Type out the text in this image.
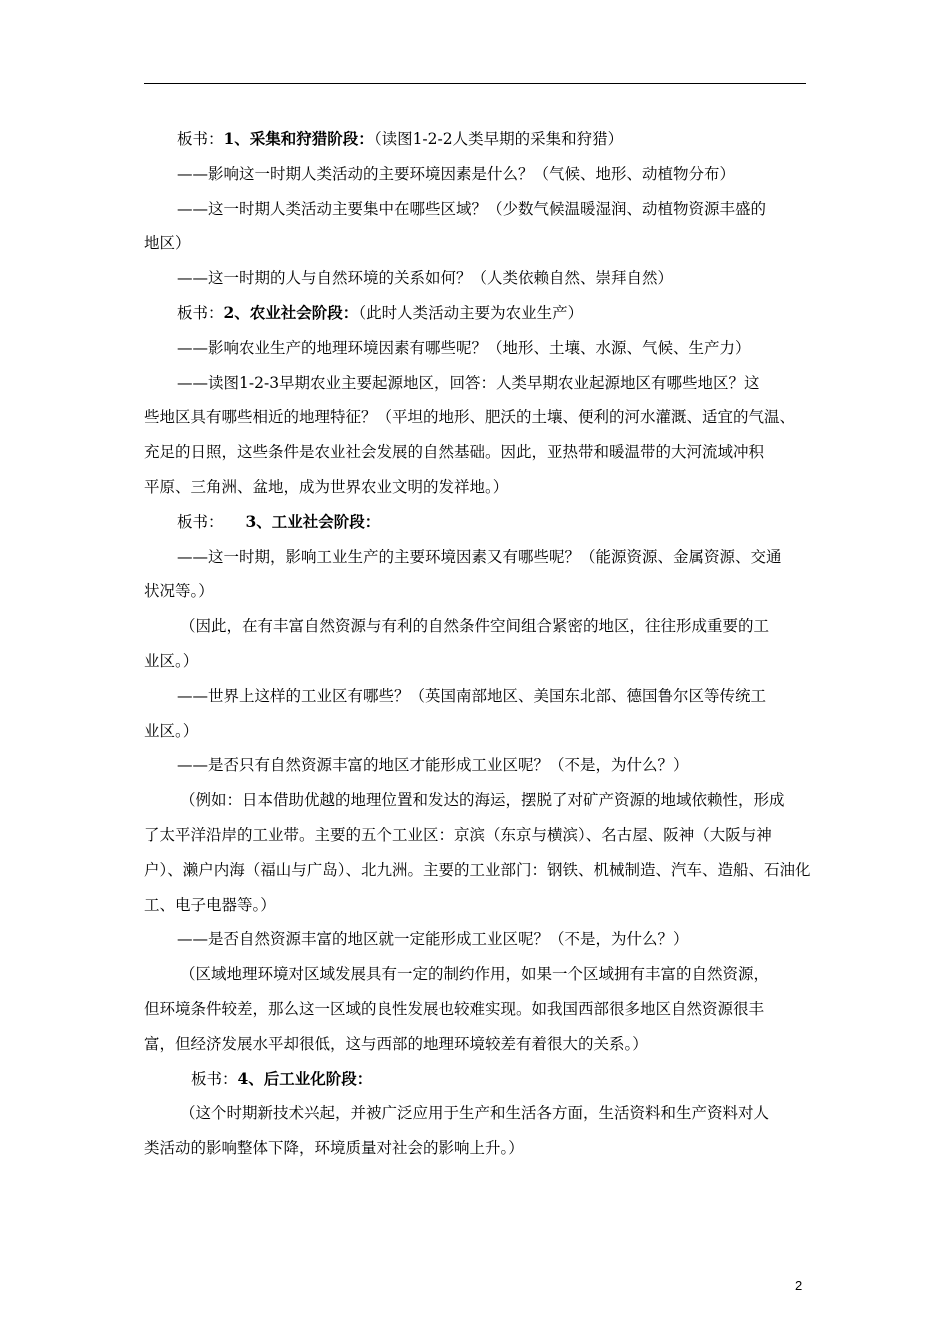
板书：1、采集和狩猎阶段：（读图1-2-2人类早期的采集和狩猎）
——影响这一时期人类活动的主要环境因素是什么？（气候、地形、动植物分布）
——这一时期人类活动主要集中在哪些区域？（少数气候温暖湿润、动植物资源丰盛的
地区）
——这一时期的人与自然环境的关系如何？（人类依赖自然、崇拜自然）
板书：2、农业社会阶段：（此时人类活动主要为农业生产）
——影响农业生产的地理环境因素有哪些呢？（地形、土壤、水源、气候、生产力）
——读图1-2-3早期农业主要起源地区，回答：人类早期农业起源地区有哪些地区？这
些地区具有哪些相近的地理特征？（平坦的地形、肥沃的土壤、便利的河水灌溉、适宜的气温、
充足的日照，这些条件是农业社会发展的自然基础。因此，亚热带和暖温带的大河流域冲积
平原、三角洲、盆地，成为世界农业文明的发祥地。）
板书： 3、工业社会阶段：
——这一时期，影响工业生产的主要环境因素又有哪些呢？（能源资源、金属资源、交通
状况等。）
（因此，在有丰富自然资源与有利的自然条件空间组合紧密的地区，往往形成重要的工
业区。）
——世界上这样的工业区有哪些？（英国南部地区、美国东北部、德国鲁尔区等传统工
业区。）
——是否只有自然资源丰富的地区才能形成工业区呢？（不是，为什么？）
（例如：日本借助优越的地理位置和发达的海运，摆脱了对矿产资源的地域依赖性，形成
了太平洋沿岸的工业带。主要的五个工业区：京滨（东京与横滨）、名古屋、阪神（大阪与神
户）、濑户内海（福山与广岛）、北九洲。主要的工业部门：钢铁、机械制造、汽车、造船、石油化
工、电子电器等。）
——是否自然资源丰富的地区就一定能形成工业区呢？（不是，为什么？）
（区域地理环境对区域发展具有一定的制约作用，如果一个区域拥有丰富的自然资源，
但环境条件较差，那么这一区域的良性发展也较难实现。如我国西部很多地区自然资源很丰
富，但经济发展水平却很低，这与西部的地理环境较差有着很大的关系。）
板书：4、后工业化阶段：
（这个时期新技术兴起，并被广泛应用于生产和生活各方面，生活资料和生产资料对人
类活动的影响整体下降，环境质量对社会的影响上升。）
2
